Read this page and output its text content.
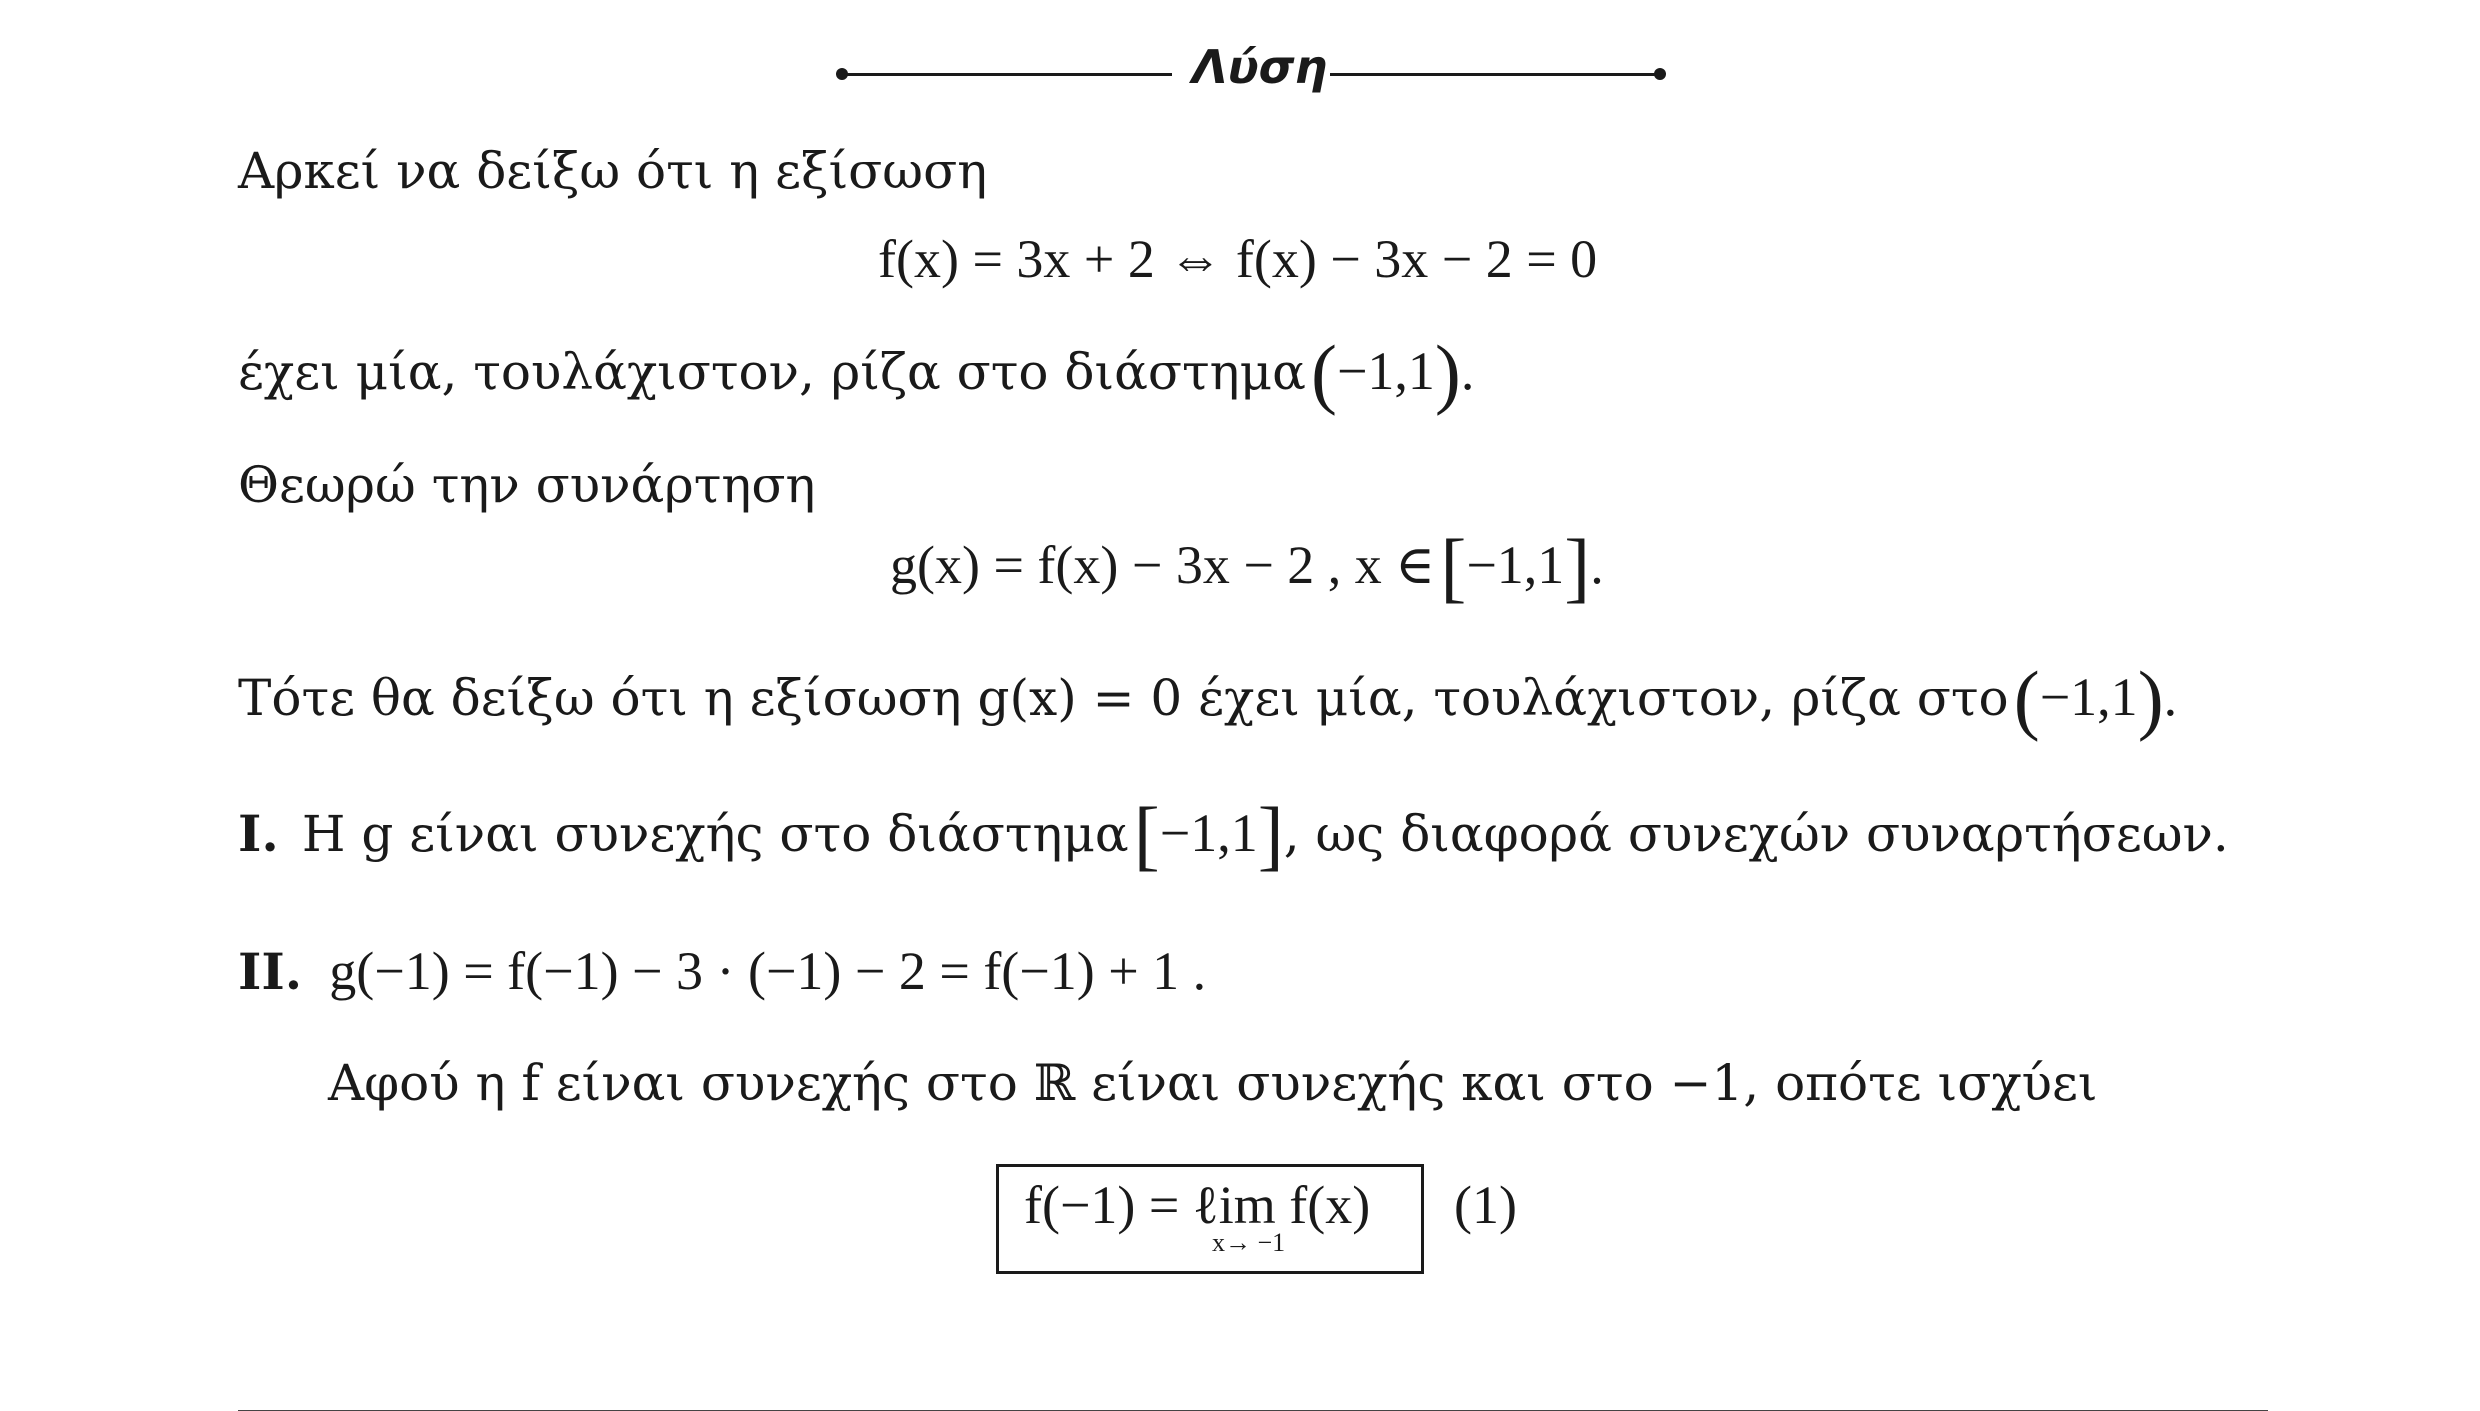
Λύση
Αρκεί να δείξω ότι η εξίσωση
f(x) = 3x + 2 ⇔ f(x) − 3x − 2 = 0
έχει μία, τουλάχιστον, ρίζα στο διάστημα (−1,1).
Θεωρώ την συνάρτηση
g(x) = f(x) − 3x − 2 , x ∈ [−1,1].
Τότε θα δείξω ότι η εξίσωση g(x) = 0 έχει μία, τουλάχιστον, ρίζα στο (−1,1).
I. Η g είναι συνεχής στο διάστημα [−1,1], ως διαφορά συνεχών συναρτήσεων.
II. g(−1) = f(−1) − 3 · (−1) − 2 = f(−1) + 1 .
Αφού η f είναι συνεχής στο ℝ είναι συνεχής και στο −1, οπότε ισχύει
f(−1) = ℓim f(x)
x→ −1
(1)
